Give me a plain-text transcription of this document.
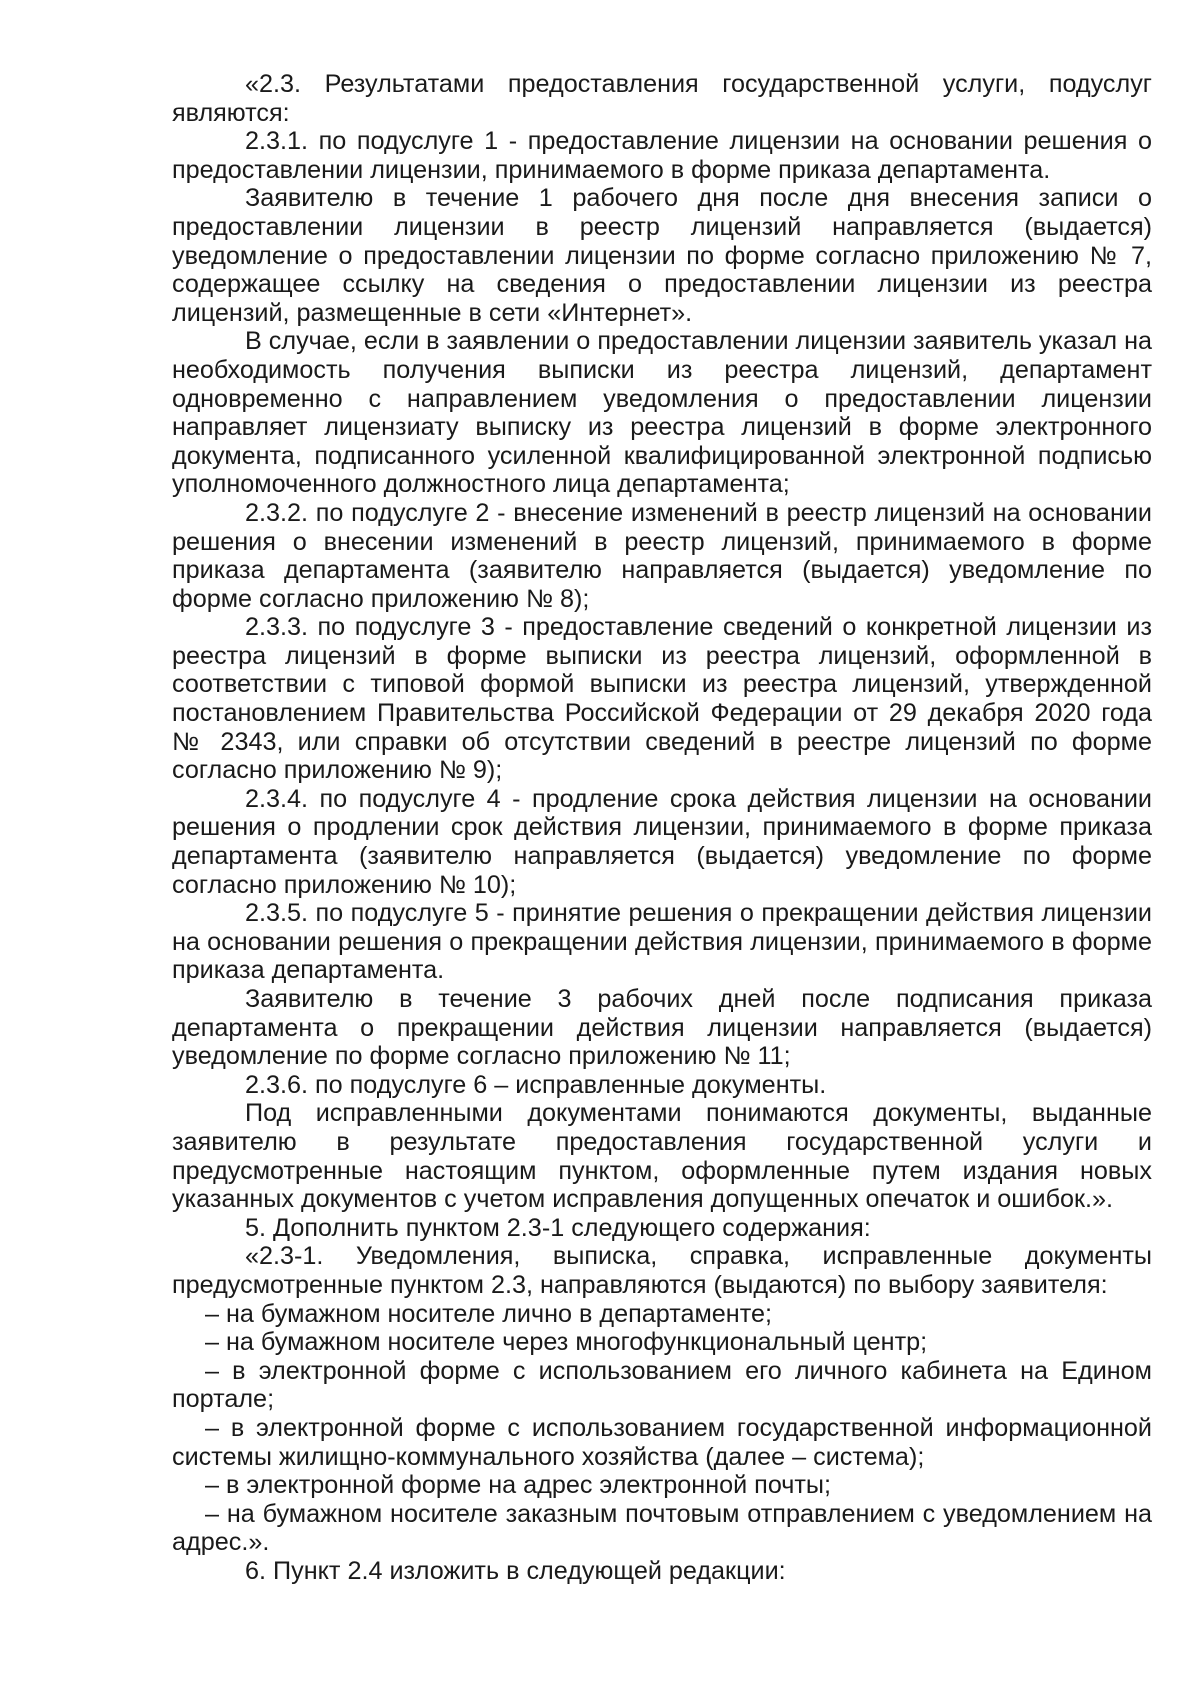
«2.3. Результатами предоставления государственной услуги, подуслуг являются:

2.3.1. по подуслуге 1 - предоставление лицензии на основании решения о предоставлении лицензии, принимаемого в форме приказа департамента.

Заявителю в течение 1 рабочего дня после дня внесения записи о предоставлении лицензии в реестр лицензий направляется (выдается) уведомление о предоставлении лицензии по форме согласно приложению № 7, содержащее ссылку на сведения о предоставлении лицензии из реестра лицензий, размещенные в сети «Интернет».

В случае, если в заявлении о предоставлении лицензии заявитель указал на необходимость получения выписки из реестра лицензий, департамент одновременно с направлением уведомления о предоставлении лицензии направляет лицензиату выписку из реестра лицензий в форме электронного документа, подписанного усиленной квалифицированной электронной подписью уполномоченного должностного лица департамента;

2.3.2. по подуслуге 2 - внесение изменений в реестр лицензий на основании решения о внесении изменений в реестр лицензий, принимаемого в форме приказа департамента (заявителю направляется (выдается) уведомление по форме согласно приложению № 8);

2.3.3. по подуслуге 3 - предоставление сведений о конкретной лицензии из реестра лицензий в форме выписки из реестра лицензий, оформленной в соответствии с типовой формой выписки из реестра лицензий, утвержденной постановлением Правительства Российской Федерации от 29 декабря 2020 года № 2343, или справки об отсутствии сведений в реестре лицензий по форме согласно приложению № 9);

2.3.4. по подуслуге 4 - продление срока действия лицензии на основании решения о продлении срок действия лицензии, принимаемого в форме приказа департамента (заявителю направляется (выдается) уведомление по форме согласно приложению № 10);

2.3.5. по подуслуге 5 - принятие решения о прекращении действия лицензии на основании решения о прекращении действия лицензии, принимаемого в форме приказа департамента.

Заявителю в течение 3 рабочих дней после подписания приказа департамента о прекращении действия лицензии направляется (выдается) уведомление по форме согласно приложению № 11;

2.3.6. по подуслуге 6 – исправленные документы.

Под исправленными документами понимаются документы, выданные заявителю в результате предоставления государственной услуги и предусмотренные настоящим пунктом, оформленные путем издания новых указанных документов с учетом исправления допущенных опечаток и ошибок.».

5. Дополнить пунктом 2.3-1 следующего содержания:

«2.3-1. Уведомления, выписка, справка, исправленные документы предусмотренные пунктом 2.3, направляются (выдаются) по выбору заявителя:

– на бумажном носителе лично в департаменте;

– на бумажном носителе через многофункциональный центр;

– в электронной форме с использованием его личного кабинета на Едином портале;

– в электронной форме с использованием государственной информационной системы жилищно-коммунального хозяйства (далее – система);

– в электронной форме на адрес электронной почты;

– на бумажном носителе заказным почтовым отправлением с уведомлением на адрес.».

6. Пункт 2.4 изложить в следующей редакции:
